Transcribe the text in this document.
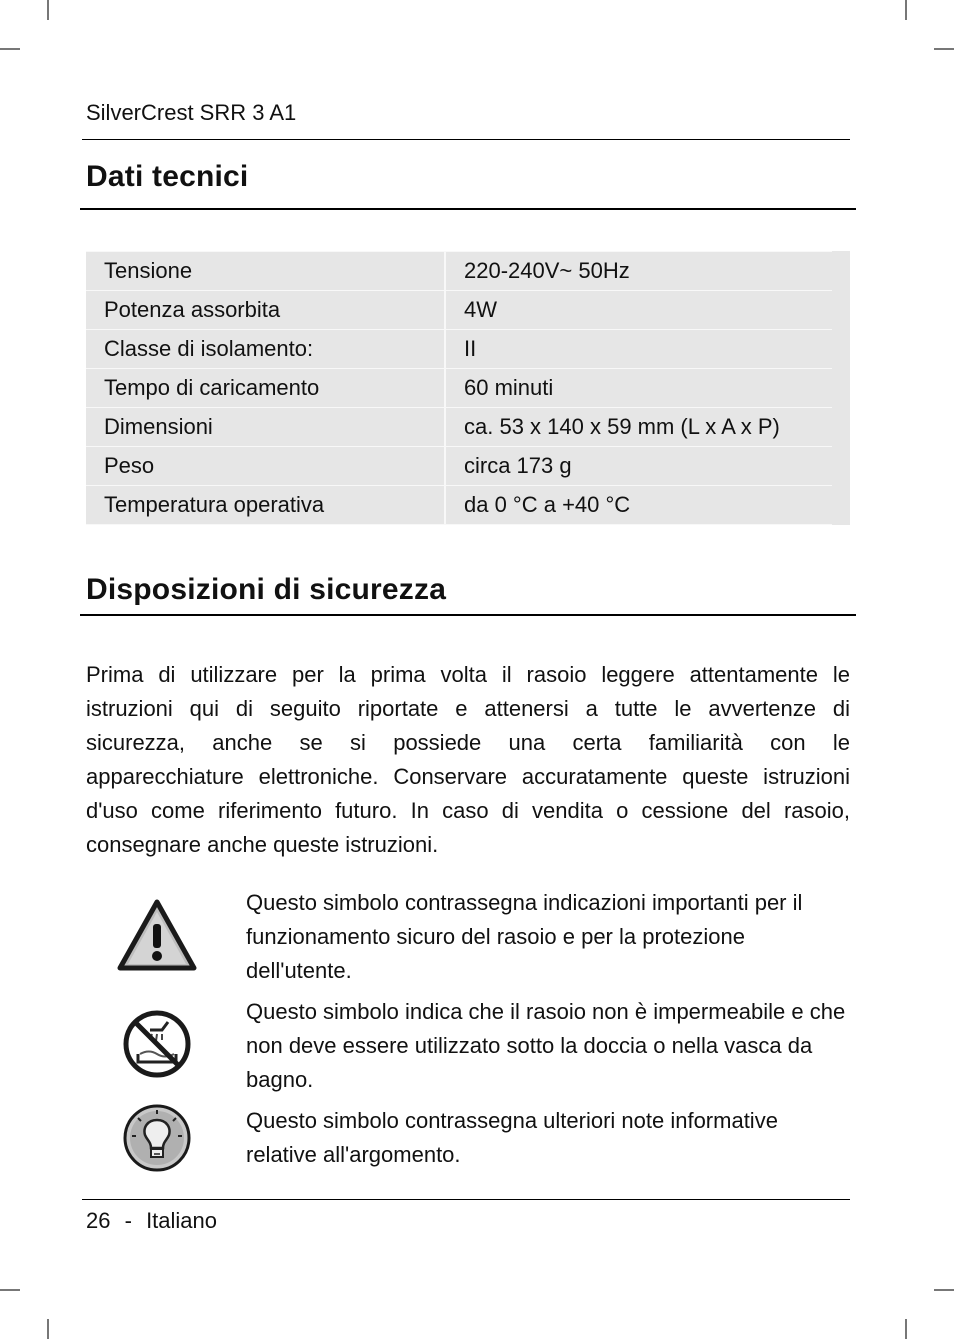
SilverCrest SRR 3 A1
Dati tecnici
Tensione	220-240V~ 50Hz
Potenza assorbita	4W
Classe di isolamento:	II
Tempo di caricamento	60 minuti
Dimensioni	ca. 53 x 140 x 59 mm (L x A x P)
Peso	circa 173 g
Temperatura operativa	da 0 °C a +40 °C
Disposizioni di sicurezza
Prima di utilizzare per la prima volta il rasoio leggere attentamente le
istruzioni qui di seguito riportate e attenersi a tutte le avvertenze di
sicurezza, anche se si possiede una certa familiarità con le
apparecchiature elettroniche. Conservare accuratamente queste istruzioni
d'uso come riferimento futuro. In caso di vendita o cessione del rasoio,
consegnare anche queste istruzioni.
Questo simbolo contrassegna indicazioni importanti per il funzionamento sicuro del rasoio e per la protezione dell'utente.
Questo simbolo indica che il rasoio non è impermeabile e che non deve essere utilizzato sotto la doccia o nella vasca da bagno.
Questo simbolo contrassegna ulteriori note informative relative all'argomento.
26 - Italiano
